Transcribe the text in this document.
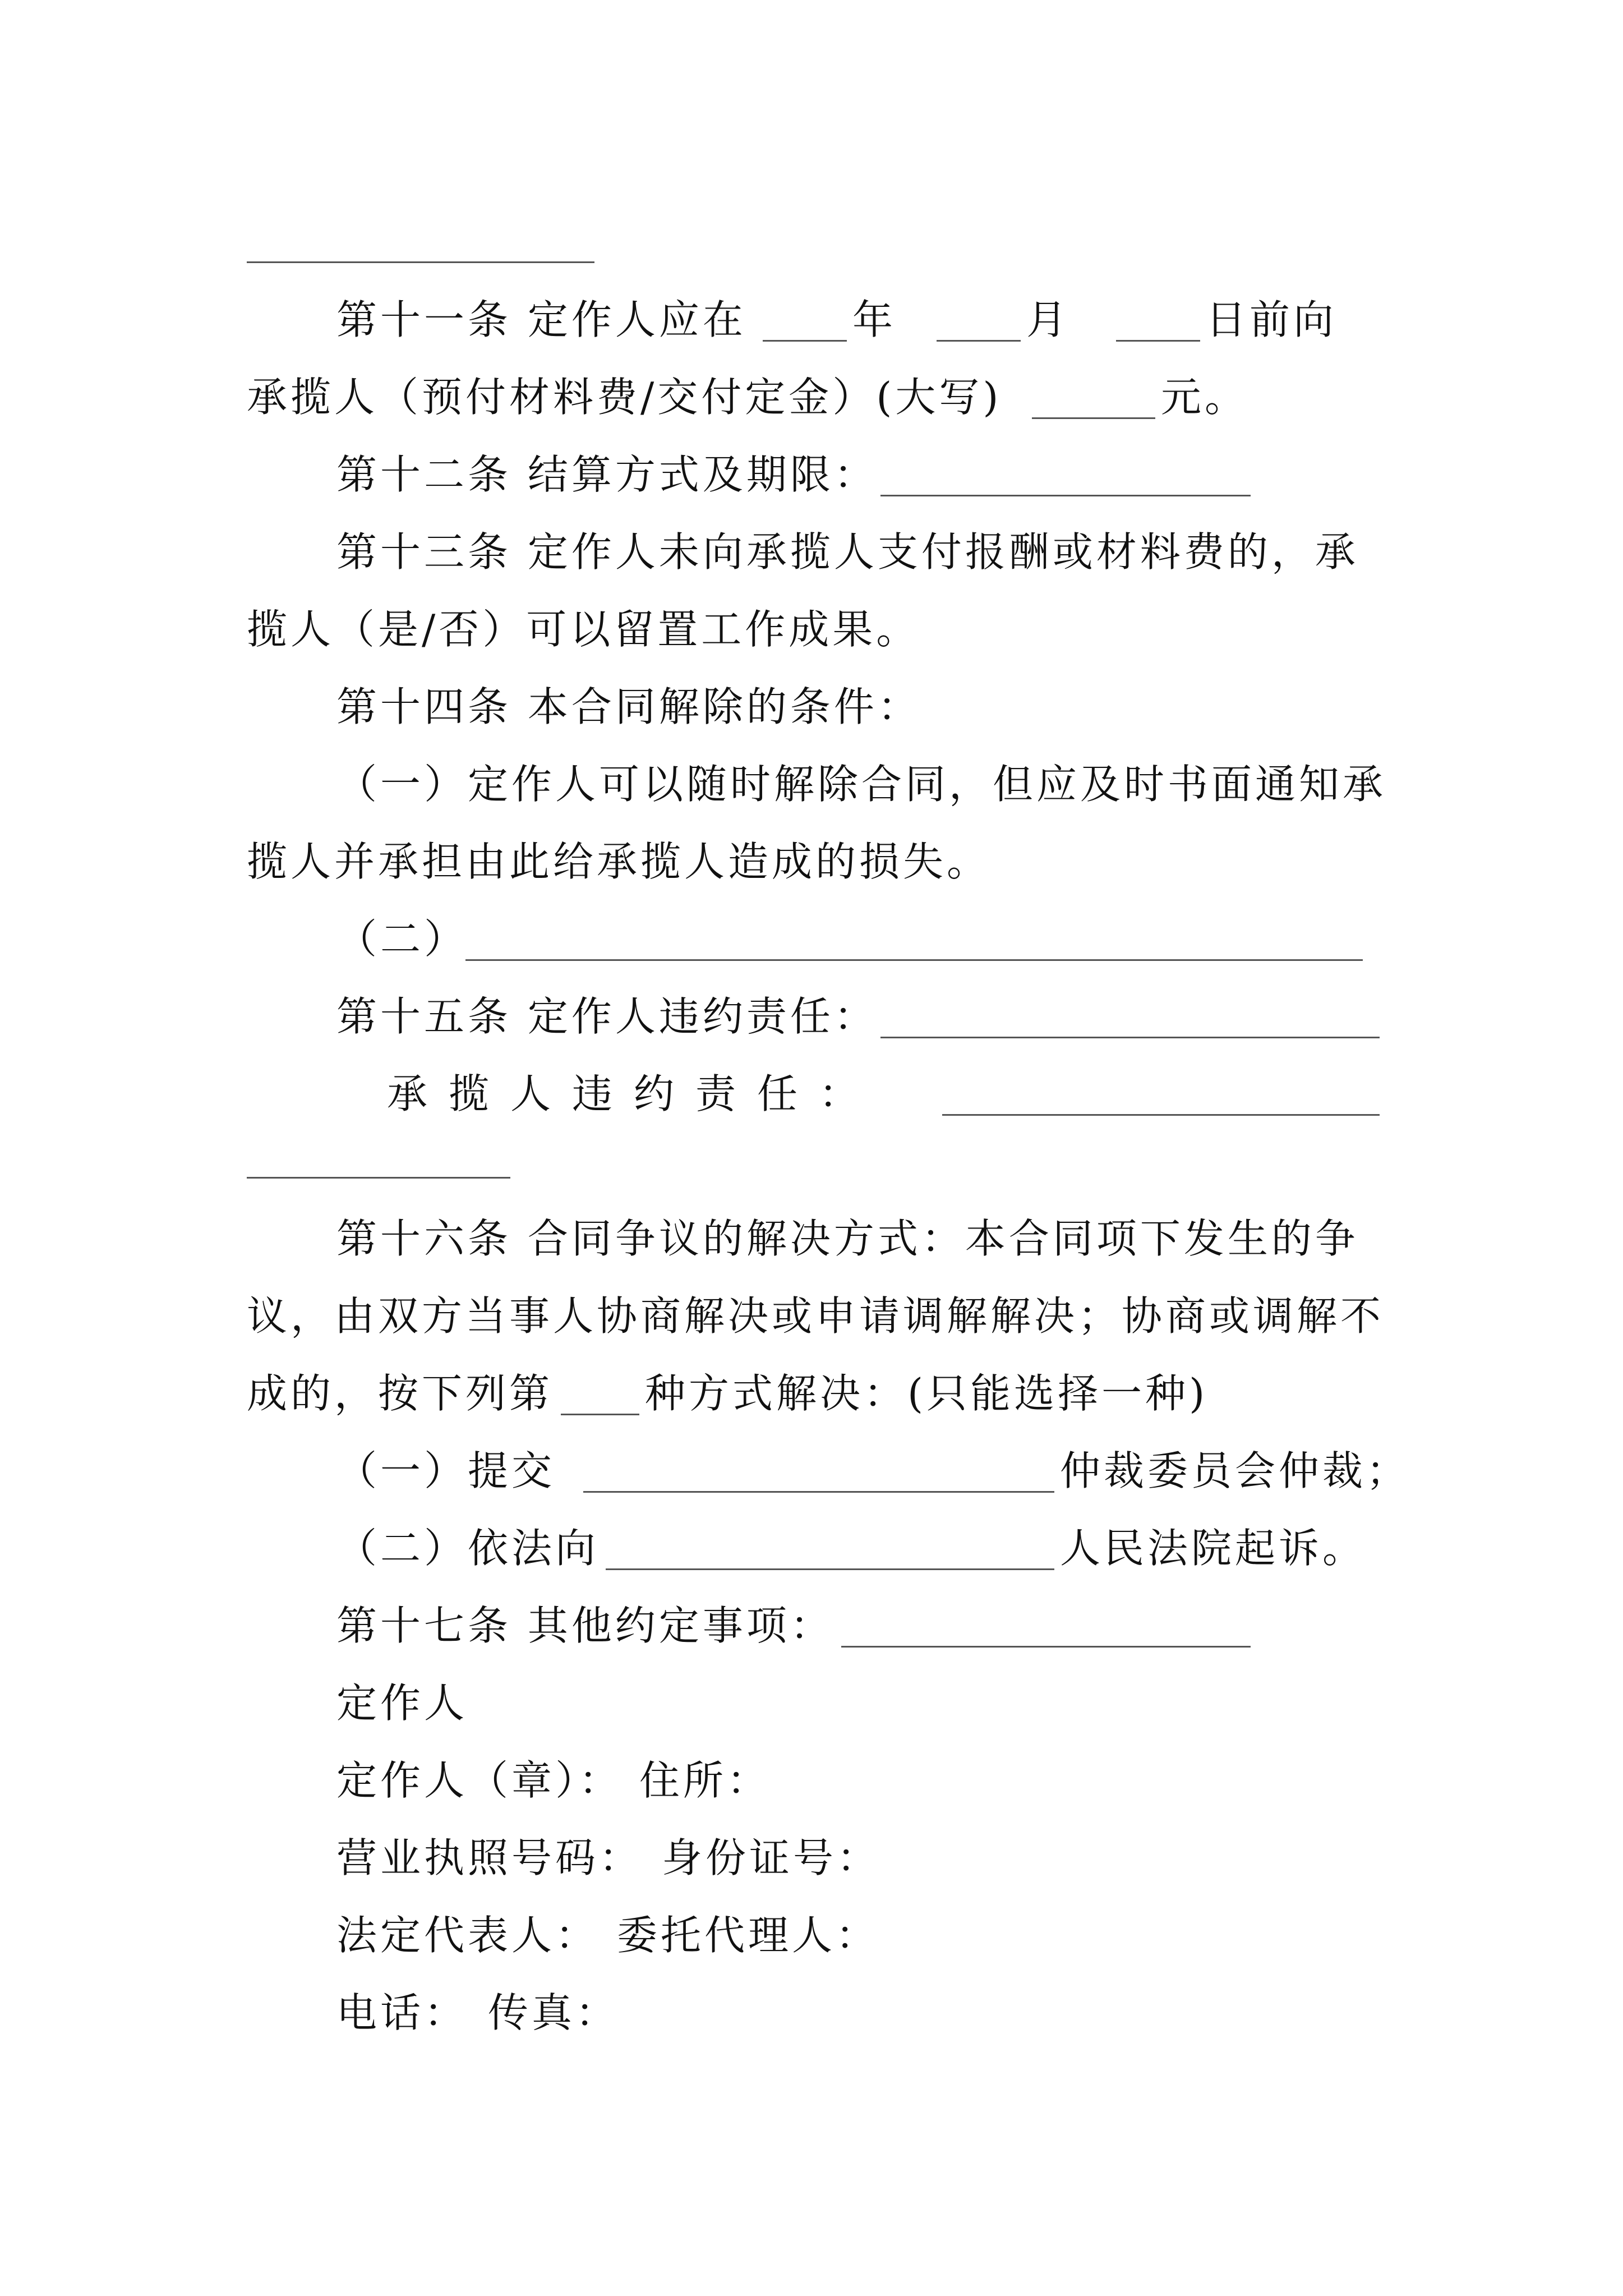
第十一条 定作人应在	年	月	日前向
承揽人（预付材料费/交付定金）(大写)	元。
第十二条 结算方式及期限：
第十三条 定作人未向承揽人支付报酬或材料费的，承
揽人（是/否）可以留置工作成果。
第十四条 本合同解除的条件：
（一）定作人可以随时解除合同，但应及时书面通知承
揽人并承担由此给承揽人造成的损失。
（二）
第十五条 定作人违约责任：
承揽人违约责任：
第十六条 合同争议的解决方式：本合同项下发生的争
议，由双方当事人协商解决或申请调解解决；协商或调解不
成的，按下列第 种方式解决：(只能选择一种)
（一）提交	仲裁委员会仲裁；
（二）依法向	人民法院起诉。
第十七条 其他约定事项：
定作人
定作人（章）： 住所：
营业执照号码： 身份证号：
法定代表人： 委托代理人：
电话： 传真：
